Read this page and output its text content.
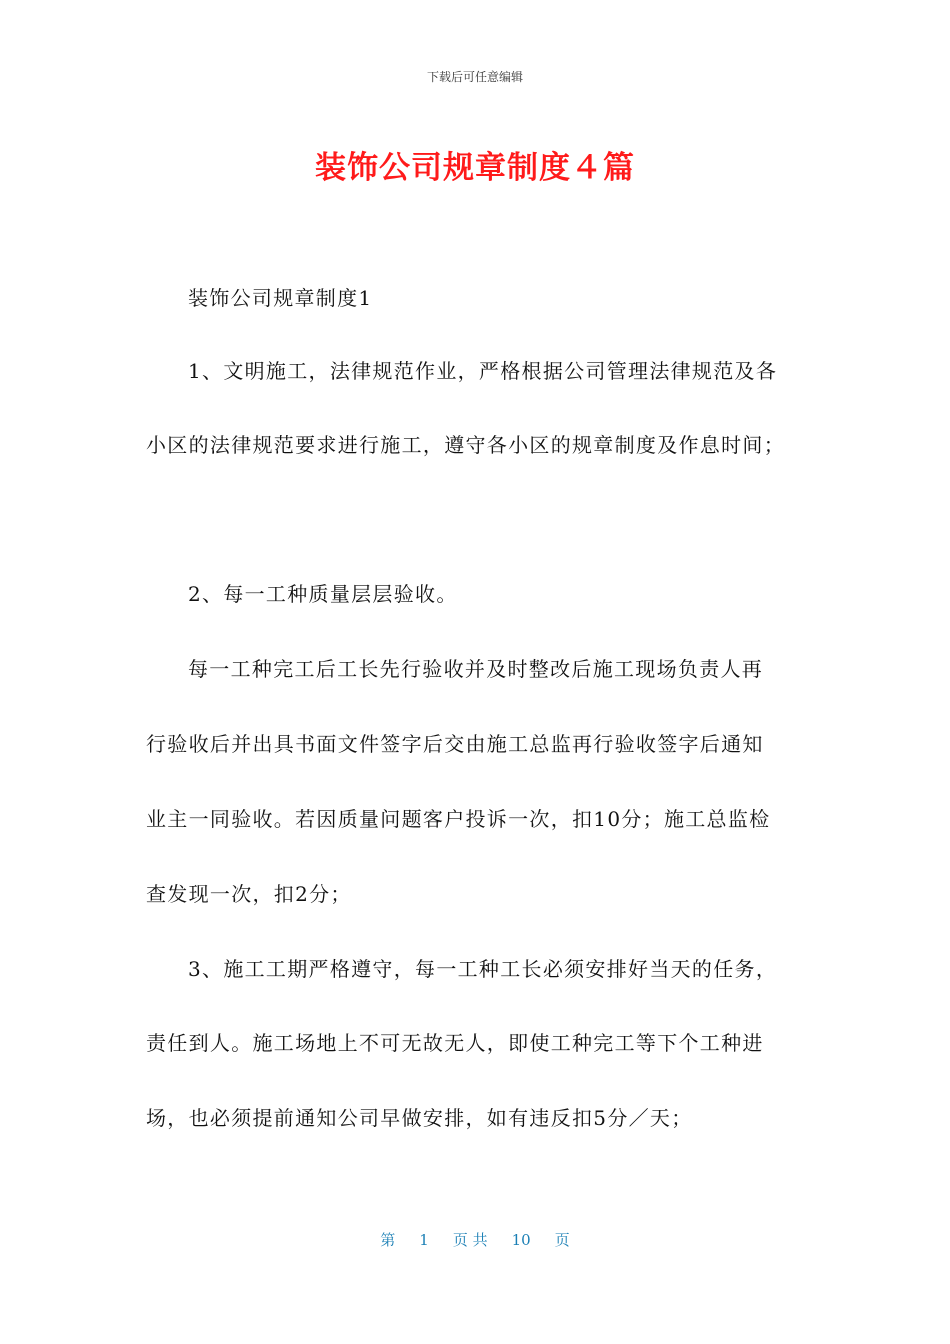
下载后可任意编辑
装饰公司规章制度４篇
装饰公司规章制度1
1、文明施工，法律规范作业，严格根据公司管理法律规范及各
小区的法律规范要求进行施工，遵守各小区的规章制度及作息时间；
2、每一工种质量层层验收。
每一工种完工后工长先行验收并及时整改后施工现场负责人再
行验收后并出具书面文件签字后交由施工总监再行验收签字后通知
业主一同验收。若因质量问题客户投诉一次，扣10分；施工总监检
查发现一次，扣2分；
3、施工工期严格遵守，每一工种工长必须安排好当天的任务，
责任到人。施工场地上不可无故无人，即使工种完工等下个工种进
场，也必须提前通知公司早做安排，如有违反扣5分／天；
第 1 页 共 10 页
